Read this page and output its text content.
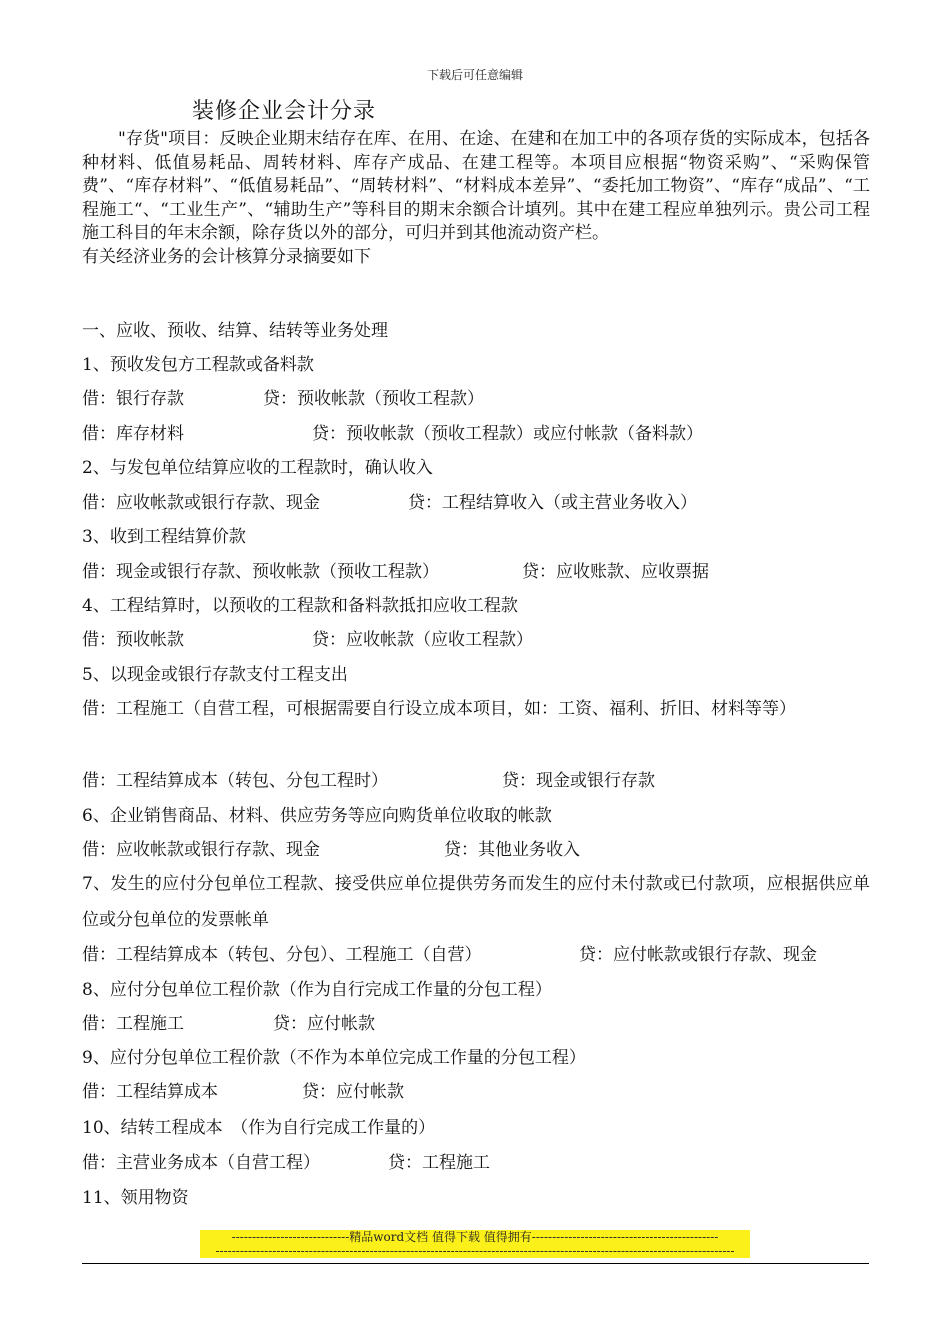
下载后可任意编辑
装修企业会计分录

"存货"项目：反映企业期末结存在库、在用、在途、在建和在加工中的各项存货的实际成本，包括各种材料、低值易耗品、周转材料、库存产成品、在建工程等。本项目应根据“物资采购”、“采购保管费”、“库存材料”、“低值易耗品”、“周转材料”、“材料成本差异”、“委托加工物资”、“库存“成品”、“工程施工“、“工业生产”、“辅助生产”等科目的期末余额合计填列。其中在建工程应单独列示。贵公司工程施工科目的年末余额，除存货以外的部分，可归并到其他流动资产栏。

有关经济业务的会计核算分录摘要如下

一、应收、预收、结算、结转等业务处理
1、预收发包方工程款或备料款
借：银行存款	贷：预收帐款（预收工程款）
借：库存材料	贷：预收帐款（预收工程款）或应付帐款（备料款）
2、与发包单位结算应收的工程款时，确认收入
借：应收帐款或银行存款、现金	贷：工程结算收入（或主营业务收入）
3、收到工程结算价款
借：现金或银行存款、预收帐款（预收工程款）	贷：应收账款、应收票据
4、工程结算时，以预收的工程款和备料款抵扣应收工程款
借：预收帐款	贷：应收帐款（应收工程款）
5、以现金或银行存款支付工程支出
借：工程施工（自营工程，可根据需要自行设立成本项目，如：工资、福利、折旧、材料等等）
借：工程结算成本（转包、分包工程时）	贷：现金或银行存款
6、企业销售商品、材料、供应劳务等应向购货单位收取的帐款
借：应收帐款或银行存款、现金	贷：其他业务收入
7、发生的应付分包单位工程款、接受供应单位提供劳务而发生的应付未付款或已付款项，应根据供应单位或分包单位的发票帐单
借：工程结算成本（转包、分包）、工程施工（自营）	贷：应付帐款或银行存款、现金
8、应付分包单位工程价款（作为自行完成工作量的分包工程）
借：工程施工	贷：应付帐款
9、应付分包单位工程价款（不作为本单位完成工作量的分包工程）
借：工程结算成本	贷：应付帐款
10、结转工程成本　（作为自行完成工作量的）
借：主营业务成本（自营工程）	贷：工程施工
11、领用物资
-----------------------------精品word文档 值得下载 值得拥有----------------------------------------------
--------------------------------------------------------------------------------------------------------------------------------
